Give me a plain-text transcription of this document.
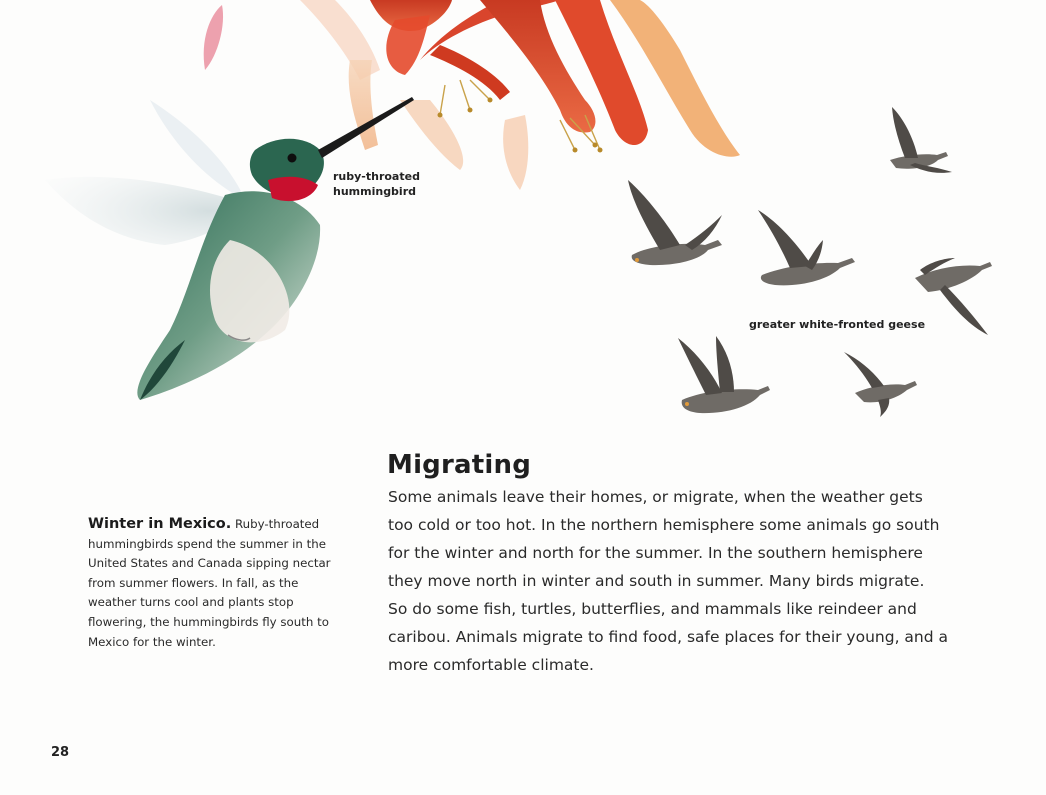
ruby-throated hummingbird
greater white-fronted geese
Migrating

Some animals leave their homes, or migrate, when the weather gets too cold or too hot. In the northern hemisphere some animals go south for the winter and north for the summer. In the southern hemisphere they move north in winter and south in summer. Many birds migrate. So do some fish, turtles, butterflies, and mammals like reindeer and caribou. Animals migrate to find food, safe places for their young, and a more comfortable climate.

Winter in Mexico. Ruby-throated hummingbirds spend the summer in the United States and Canada sipping nectar from summer flowers. In fall, as the weather turns cool and plants stop flowering, the hummingbirds fly south to Mexico for the winter.

28
